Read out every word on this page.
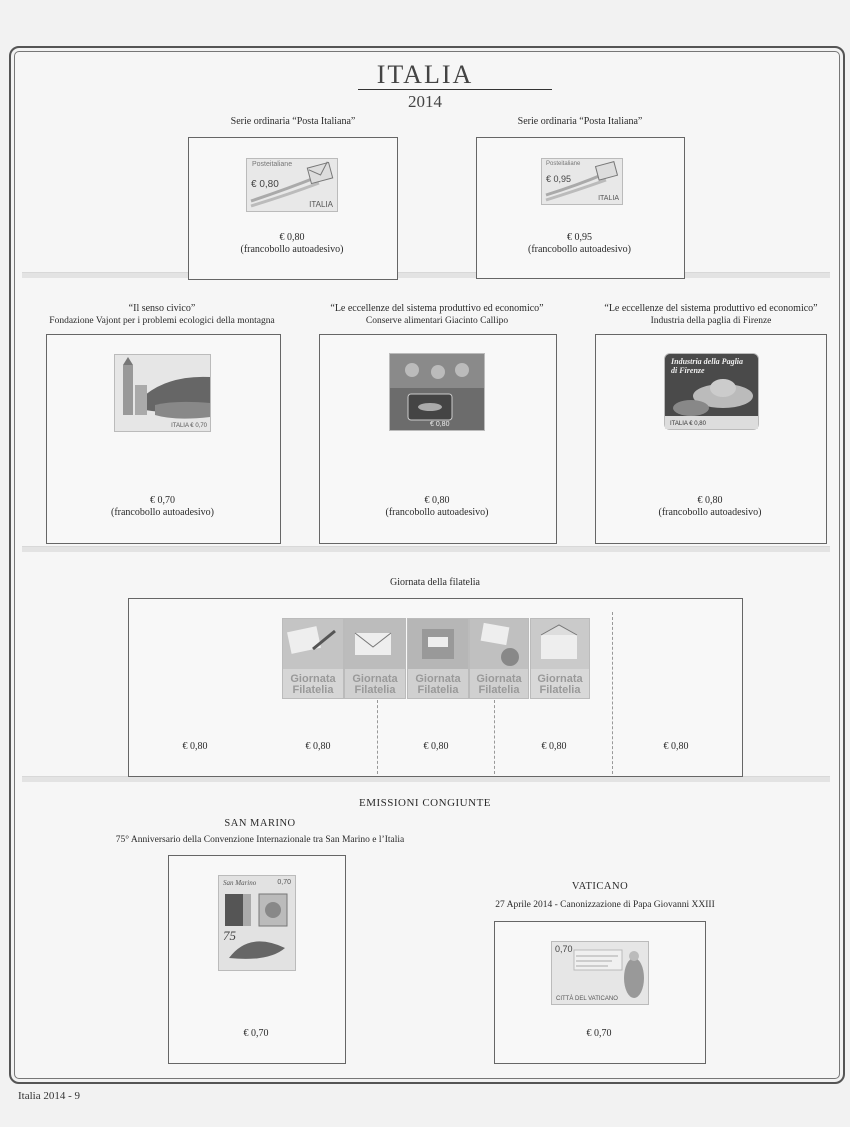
ITALIA
2014
Serie ordinaria “Posta Italiana”
Posteitaliane
€ 0,80
ITALIA
€ 0,80
(francobollo autoadesivo)
Serie ordinaria “Posta Italiana”
Posteitaliane
€ 0,95
ITALIA
€ 0,95
(francobollo autoadesivo)
“Il senso civico”
Fondazione Vajont per i problemi ecologici della montagna
ITALIA € 0,70
€ 0,70
(francobollo autoadesivo)
“Le eccellenze del sistema produttivo ed economico”
Conserve alimentari Giacinto Callipo
€ 0,80
€ 0,80
(francobollo autoadesivo)
“Le eccellenze del sistema produttivo ed economico”
Industria della paglia di Firenze
Industria della Paglia di Firenze
ITALIA € 0,80
€ 0,80
(francobollo autoadesivo)
Giornata della filatelia
Giornata
Filatelia
Giornata
Filatelia
Giornata
Filatelia
Giornata
Filatelia
Giornata
Filatelia
€ 0,80	€ 0,80	€ 0,80	€ 0,80	€ 0,80
EMISSIONI CONGIUNTE
SAN MARINO
75° Anniversario della Convenzione Internazionale tra San Marino e l’Italia
San Marino	0,70
75
€ 0,70
VATICANO
27 Aprile 2014 - Canonizzazione di Papa Giovanni XXIII
0,70
CITTÀ DEL VATICANO
€ 0,70
Italia 2014 - 9
